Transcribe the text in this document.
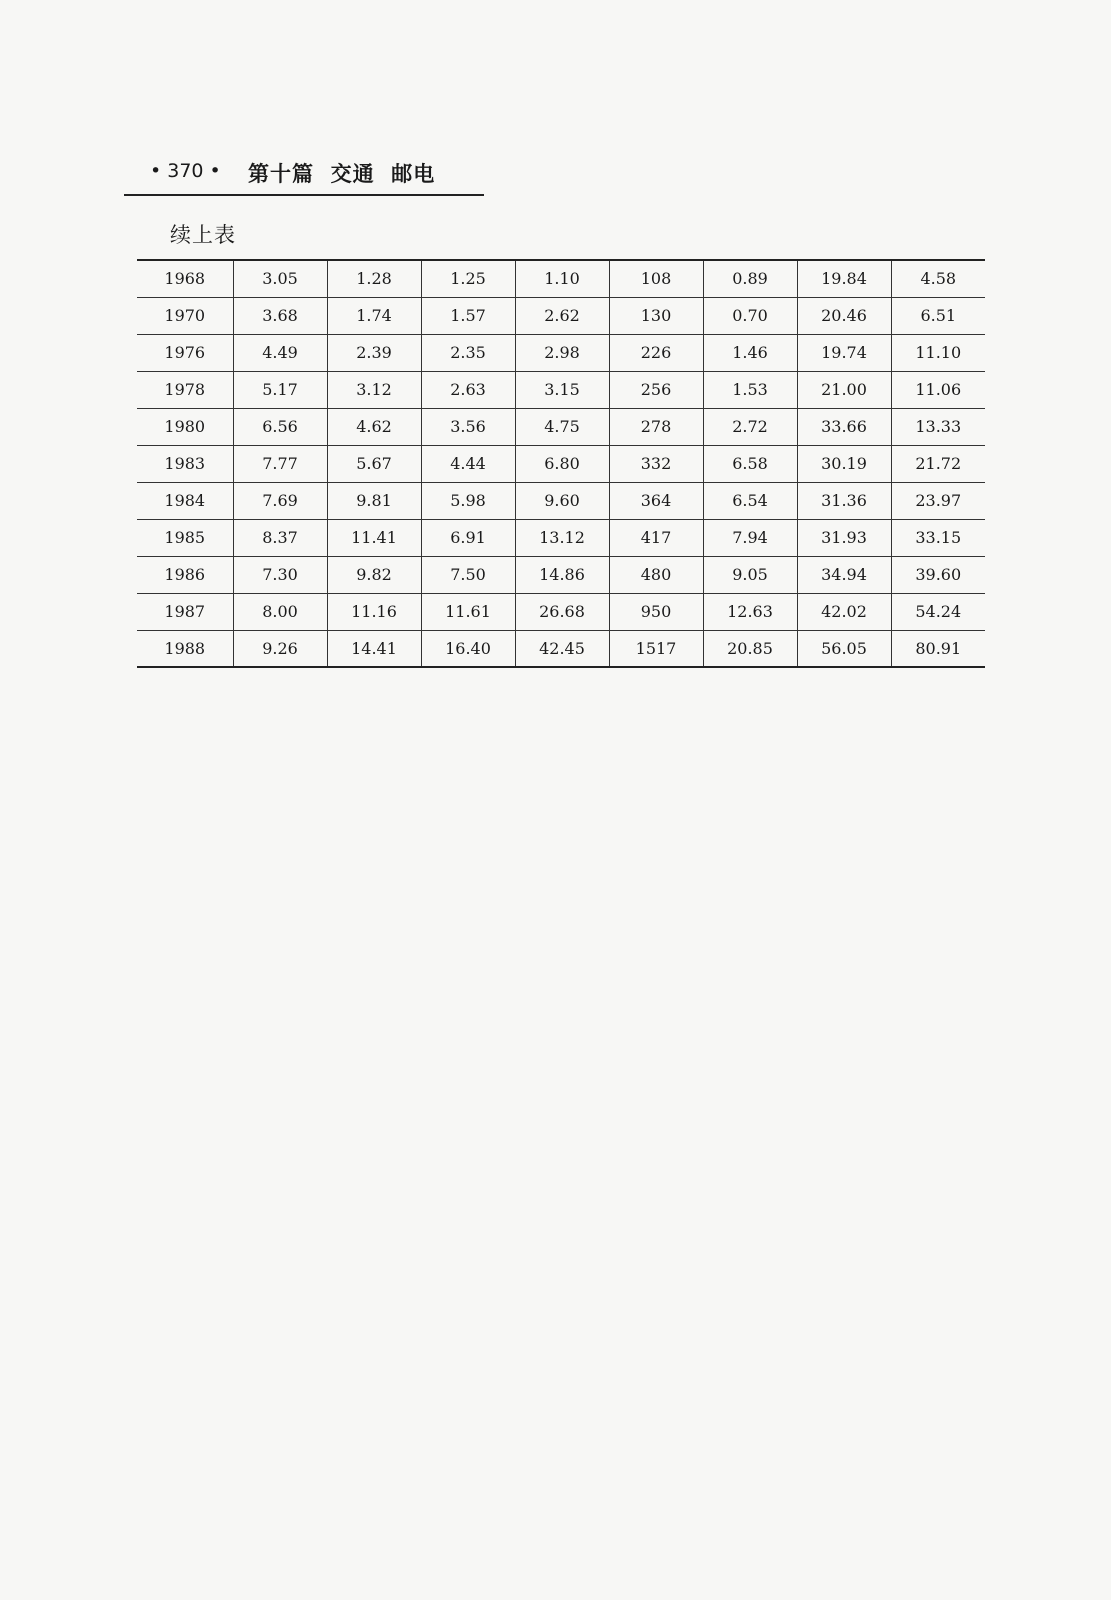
• 370 • 第十篇  交通  邮电
续上表
1968	3.05	1.28	1.25	1.10	108	0.89	19.84	4.58
1970	3.68	1.74	1.57	2.62	130	0.70	20.46	6.51
1976	4.49	2.39	2.35	2.98	226	1.46	19.74	11.10
1978	5.17	3.12	2.63	3.15	256	1.53	21.00	11.06
1980	6.56	4.62	3.56	4.75	278	2.72	33.66	13.33
1983	7.77	5.67	4.44	6.80	332	6.58	30.19	21.72
1984	7.69	9.81	5.98	9.60	364	6.54	31.36	23.97
1985	8.37	11.41	6.91	13.12	417	7.94	31.93	33.15
1986	7.30	9.82	7.50	14.86	480	9.05	34.94	39.60
1987	8.00	11.16	11.61	26.68	950	12.63	42.02	54.24
1988	9.26	14.41	16.40	42.45	1517	20.85	56.05	80.91
